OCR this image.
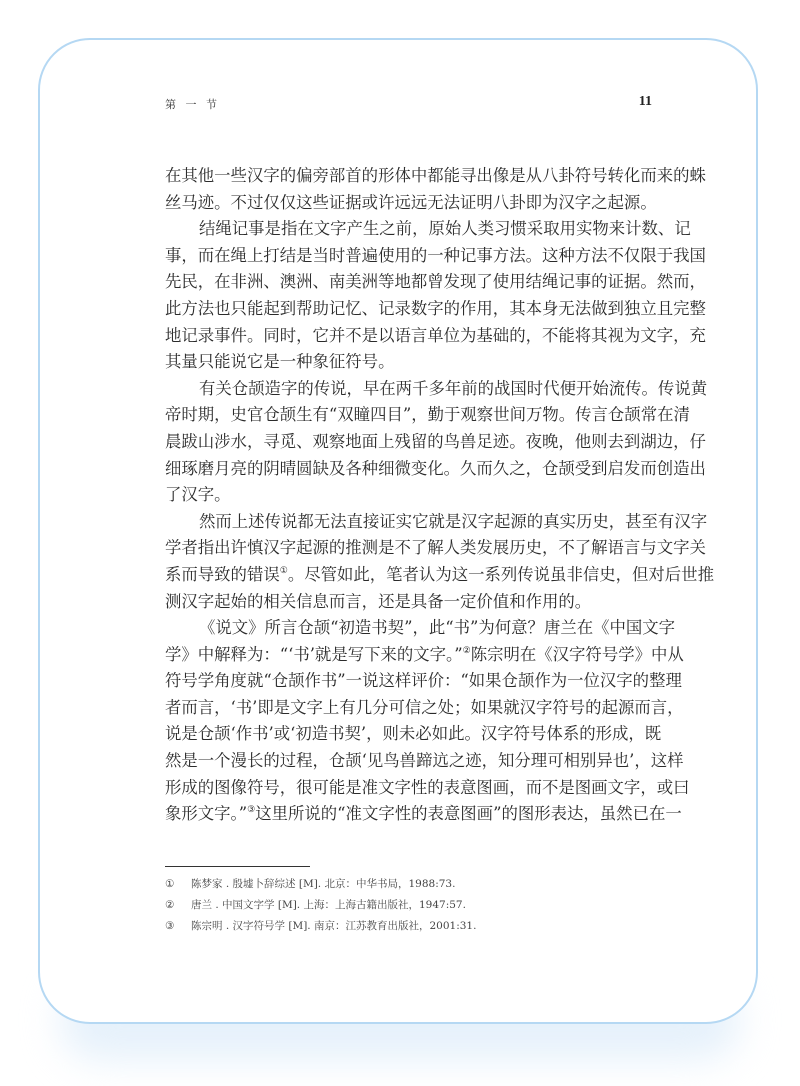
第 一 节	11
在其他一些汉字的偏旁部首的形体中都能寻出像是从八卦符号转化而来的蛛
丝马迹。不过仅仅这些证据或许远远无法证明八卦即为汉字之起源。
结绳记事是指在文字产生之前，原始人类习惯采取用实物来计数、记
事，而在绳上打结是当时普遍使用的一种记事方法。这种方法不仅限于我国
先民，在非洲、澳洲、南美洲等地都曾发现了使用结绳记事的证据。然而，
此方法也只能起到帮助记忆、记录数字的作用，其本身无法做到独立且完整
地记录事件。同时，它并不是以语言单位为基础的，不能将其视为文字，充
其量只能说它是一种象征符号。
有关仓颉造字的传说，早在两千多年前的战国时代便开始流传。传说黄
帝时期，史官仓颉生有“双瞳四目”，勤于观察世间万物。传言仓颉常在清
晨跋山涉水，寻觅、观察地面上残留的鸟兽足迹。夜晚，他则去到湖边，仔
细琢磨月亮的阴晴圆缺及各种细微变化。久而久之，仓颉受到启发而创造出
了汉字。
然而上述传说都无法直接证实它就是汉字起源的真实历史，甚至有汉字
学者指出许慎汉字起源的推测是不了解人类发展历史，不了解语言与文字关
系而导致的错误①。尽管如此，笔者认为这一系列传说虽非信史，但对后世推
测汉字起始的相关信息而言，还是具备一定价值和作用的。
《说文》所言仓颉“初造书契”，此“书”为何意？唐兰在《中国文字
学》中解释为：“‘书’就是写下来的文字。”②陈宗明在《汉字符号学》中从
符号学角度就“仓颉作书”一说这样评价：“如果仓颉作为一位汉字的整理
者而言，‘书’即是文字上有几分可信之处；如果就汉字符号的起源而言，
说是仓颉‘作书’或‘初造书契’，则未必如此。汉字符号体系的形成，既
然是一个漫长的过程，仓颉‘见鸟兽蹄迒之迹，知分理可相别异也’，这样
形成的图像符号，很可能是准文字性的表意图画，而不是图画文字，或曰
象形文字。”③这里所说的“准文字性的表意图画”的图形表达，虽然已在一
① 陈梦家 . 殷墟卜辞综述 [M]. 北京：中华书局，1988:73.
② 唐兰 . 中国文字学 [M]. 上海：上海古籍出版社，1947:57.
③ 陈宗明 . 汉字符号学 [M]. 南京：江苏教育出版社，2001:31.
